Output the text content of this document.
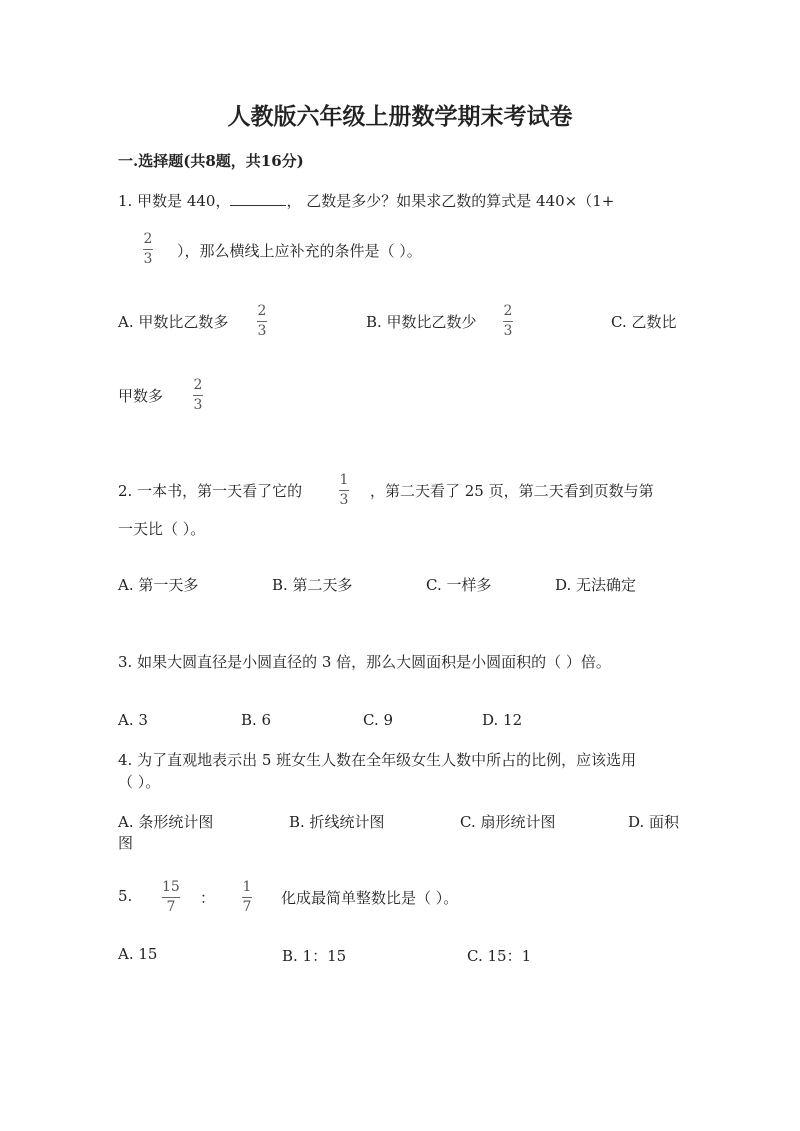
人教版六年级上册数学期末考试卷
一.选择题(共8题，共16分)
1. 甲数是 440，	， 乙数是多少？如果求乙数的算式是 440×（1+
2
3 ），那么横线上应补充的条件是（ ）。
A. 甲数比乙数多
2
3	B. 甲数比乙数少
2
3	C. 乙数比
甲数多
2
3
2. 一本书，第一天看了它的
1
3 ，第二天看了 25 页，第二天看到页数与第
一天比（ ）。
A. 第一天多	B. 第二天多	C. 一样多	D. 无法确定
3. 如果大圆直径是小圆直径的 3 倍，那么大圆面积是小圆面积的（ ）倍。
A. 3	B. 6	C. 9	D. 12
4. 为了直观地表示出 5 班女生人数在全年级女生人数中所占的比例，应该选用
（ ）。
A. 条形统计图	B. 折线统计图	C. 扇形统计图	D. 面积
图
5. 15
7 ：
1
7 化成最简单整数比是（ ）。
A. 15	B. 1：15	C. 15：1
